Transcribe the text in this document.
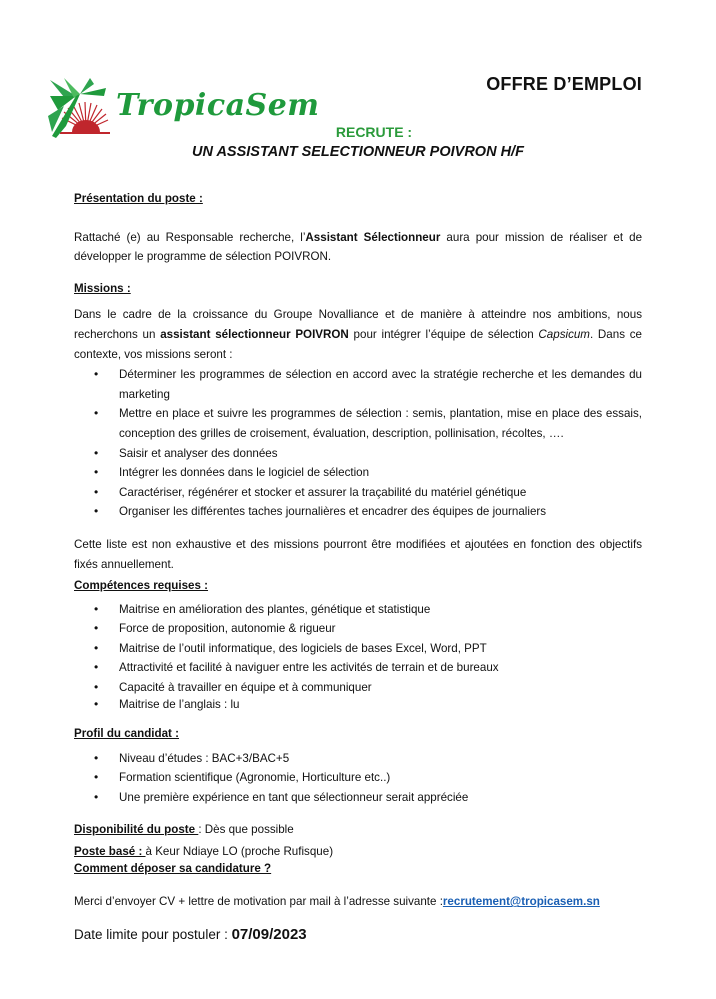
TropicaSem
OFFRE D’EMPLOI
RECRUTE :
UN ASSISTANT SELECTIONNEUR POIVRON H/F

Présentation du poste :

Rattaché (e) au Responsable recherche, l’Assistant Sélectionneur aura pour mission de réaliser et de développer le programme de sélection POIVRON.

Missions :

Dans le cadre de la croissance du Groupe Novalliance et de manière à atteindre nos ambitions, nous recherchons un assistant sélectionneur POIVRON pour intégrer l’équipe de sélection Capsicum. Dans ce contexte, vos missions seront :

• Déterminer les programmes de sélection en accord avec la stratégie recherche et les demandes du marketing
• Mettre en place et suivre les programmes de sélection : semis, plantation, mise en place des essais, conception des grilles de croisement, évaluation, description, pollinisation, récoltes, ….
• Saisir et analyser des données
• Intégrer les données dans le logiciel de sélection
• Caractériser, régénérer et stocker et assurer la traçabilité du matériel génétique
• Organiser les différentes taches journalières et encadrer des équipes de journaliers

Cette liste est non exhaustive et des missions pourront être modifiées et ajoutées en fonction des objectifs fixés annuellement.

Compétences requises :

• Maitrise en amélioration des plantes, génétique et statistique
• Force de proposition, autonomie & rigueur
• Maitrise de l’outil informatique, des logiciels de bases Excel, Word, PPT
• Attractivité et facilité à naviguer entre les activités de terrain et de bureaux
• Capacité à travailler en équipe et à communiquer
• Maitrise de l’anglais : lu

Profil du candidat :

• Niveau d’études : BAC+3/BAC+5
• Formation scientifique (Agronomie, Horticulture etc..)
• Une première expérience en tant que sélectionneur serait appréciée

Disponibilité du poste : Dès que possible

Poste basé : à Keur Ndiaye LO (proche Rufisque)

Comment déposer sa candidature ?

Merci d’envoyer CV + lettre de motivation par mail à l’adresse suivante :recrutement@tropicasem.sn

Date limite pour postuler : 07/09/2023
